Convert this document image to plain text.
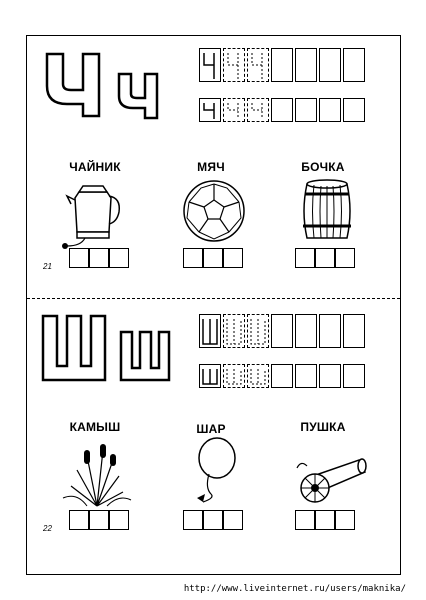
ЧАЙНИК	МЯЧ	БОЧКА
21
КАМЫШ	ШАР	ПУШКА
22
http://www.liveinternet.ru/users/maknika/
